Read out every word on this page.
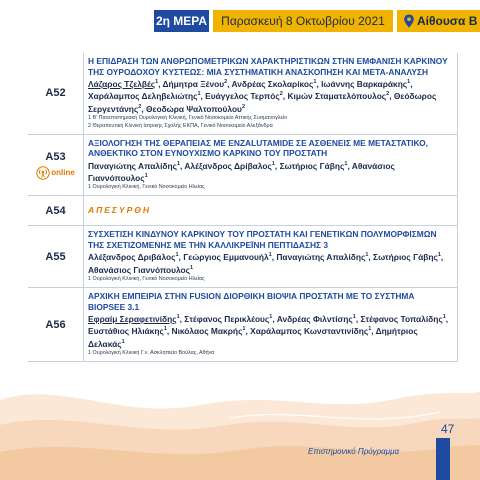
2η ΜΕΡΑ	Παρασκευή 8 Οκτωβρίου 2021	Αίθουσα Β
A52
Η ΕΠΙΔΡΑΣΗ ΤΩΝ ΑΝΘΡΩΠΟΜΕΤΡΙΚΩΝ ΧΑΡΑΚΤΗΡΙΣΤΙΚΩΝ ΣΤΗΝ ΕΜΦΑΝΙΣΗ ΚΑΡΚΙΝΟΥ ΤΗΣ ΟΥΡΟΔΟΧΟΥ ΚΥΣΤΕΩΣ: ΜΙΑ ΣΥΣΤΗΜΑΤΙΚΗ ΑΝΑΣΚΟΠΗΣΗ ΚΑΙ ΜΕΤΑ-ΑΝΑΛΥΣΗ
Λάζαρος Τζελβές$^1$, Δήμητρα Ξένου$^2$, Ανδρέας Σκολαρίκος$^1$, Ιωάννης Βαρκαράκης$^1$, Χαράλαμπος Δεληβελιώτης$^1$, Ευάγγελος Τερπός$^2$, Κιμών Σταματελόπουλος$^2$, Θεόδωρος Σεργεντάνης$^2$, Θεοδώρα Ψαλτοπούλου$^2$
1 Β' Πανεπιστημιακή Ουρολογική Κλινική, Γενικό Νοσοκομείο Αττικής Συσμανογλείο
2 Θεραπευτική Κλινική Ιατρικής Σχολής ΕΚΠΑ, Γενικό Νοσοκομείο Αλεξάνδρα
A53
online
ΑΞΙΟΛΟΓΗΣΗ ΤΗΣ ΘΕΡΑΠΕΙΑΣ ΜΕ ENZALUTAMIDE ΣΕ ΑΣΘΕΝΕΙΣ ΜΕ ΜΕΤΑΣΤΑΤΙΚΟ, ΑΝΘΕΚΤΙΚΟ ΣΤΟΝ ΕΥΝΟΥΧΙΣΜΟ ΚΑΡΚΙΝΟ ΤΟΥ ΠΡΟΣΤΑΤΗ
Παναγιώτης Απαλίδης$^1$, Αλέξανδρος Δρίβαλος$^1$, Σωτήριος Γάβης$^1$, Αθανάσιος Γιαννόπουλος$^1$
1 Ουρολογική Κλινική, Γενικό Νοσοκομείο Ηλείας
A54	ΑΠΕΣΥΡΘΗ
A55
ΣΥΣΧΕΤΙΣΗ ΚΙΝΔΥΝΟΥ ΚΑΡΚΙΝΟΥ ΤΟΥ ΠΡΟΣΤΑΤΗ ΚΑΙ ΓΕΝΕΤΙΚΩΝ ΠΟΛΥΜΟΡΦΙΣΜΩΝ ΤΗΣ ΣΧΕΤΙΖΟΜΕΝΗΣ ΜΕ ΤΗΝ ΚΑΛΛΙΚΡΕΪΝΗ ΠΕΠΤΙΔΑΣΗΣ 3
Αλέξανδρος Δριβάλος$^1$, Γεώργιος Εμμανουήλ$^1$, Παναγιώτης Απαλίδης$^1$, Σωτήριος Γάβης$^1$, Αθανάσιος Γιαννόπουλος$^1$
1 Ουρολογική Κλινική, Γενικό Νοσοκομείο Ηλείας
A56
ΑΡΧΙΚΗ ΕΜΠΕΙΡΙΑ ΣΤΗΝ FUSION ΔΙΟΡΘΙΚΗ ΒΙΟΨΙΑ ΠΡΟΣΤΑΤΗ ΜΕ ΤΟ ΣΥΣΤΗΜΑ BIOPSEE 3.1
Εφραίμ Σεραφετινίδης$^1$, Στέφανος Περικλέους$^1$, Ανδρέας Φιλντίσης$^1$, Στέφανος Τοπαλίδης$^1$, Ευστάθιος Ηλιάκης$^1$, Νικόλαος Μακρής$^1$, Χαράλαμπος Κωνσταντινίδης$^1$, Δημήτριος Δελακάς$^1$
1 Ουρολογική Κλινική Γ.ν. Ασκληπιείο Βούλας, Αθήνα
47
Επιστημονικό Πρόγραμμα
